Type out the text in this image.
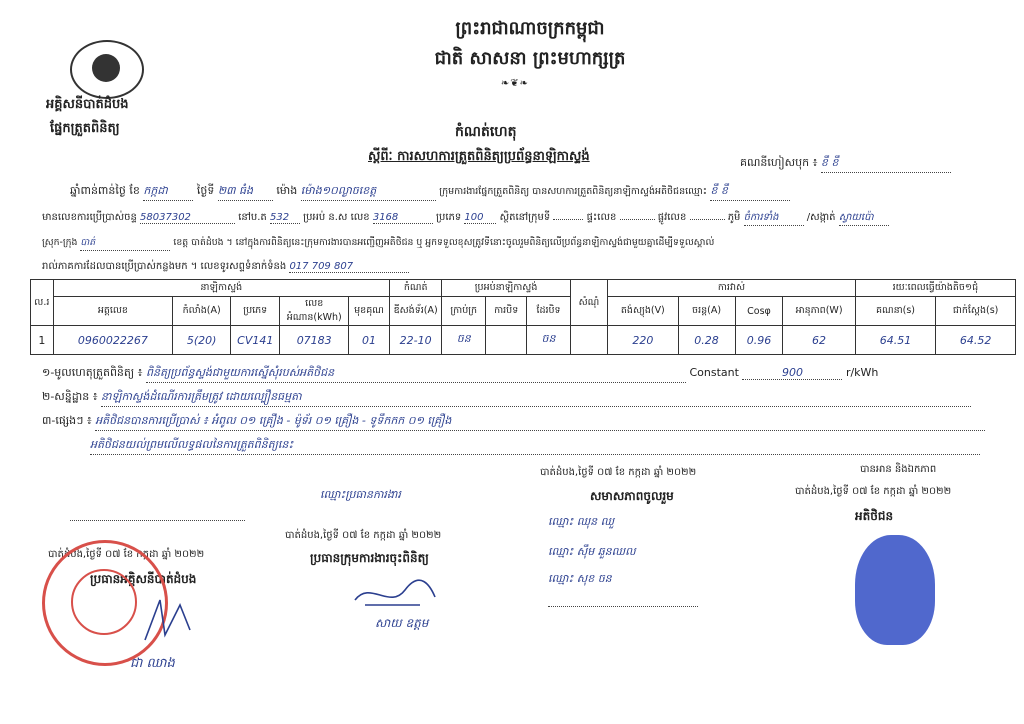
ព្រះរាជាណាចក្រកម្ពុជា
ជាតិ សាសនា ព្រះមហាក្សត្រ
❧❦❧
អគ្គិសនីបាត់ដំបង
ផ្នែកត្រួតពិនិត្យ	កំណត់ហេតុ
ស្តីពីៈ ការសហការត្រួតពិនិត្យប្រព័ន្ធនាឡិកាស្ទង់	គណនីហៀសបុក ៖ ខឹ ខឹ
ឆ្នាំពាន់ពាន់ថ្ងៃ ខែ កក្កដា	ថ្ងៃទី ២៣ ធំង ម៉ោង ម៉ោង១០ល្ងាចខេត្ត	ក្រុមការងារផ្នែកត្រួតពិនិត្យ បានសហការត្រួតពិនិត្យនាឡិកាស្ទង់អតិថិជនឈ្មោះ ខឹ ខឹ
មានលេខការប្រើប្រាស់ចន្ទ 58037302	នៅប.ត 532 ប្រអប់ ន.ស លេខ 3168	ប្រភេទ 100 ស្ថិតនៅក្រុមទី	ផ្ទះលេខ	ផ្លូវលេខ	ភូមិ ចំការទាំង	/សង្កាត់ ស្វាយប៉ោ
ស្រុក-ក្រុង បាត់	ខេត្ត បាត់ដំបង ។ នៅក្នុងការពិនិត្យនេះក្រុមការងារបានអញ្ជើញអតិថិជន ឬ អ្នកទទួលខុសត្រូវទីនោះចូលរួមពិនិត្យលើប្រព័ន្ធនាឡិកាស្ទង់ជាមួយគ្នាដើម្បីទទួលស្គាល់
រាល់ភាគការដែលបានប្រើប្រាស់កន្លងមក ។ លេខទូរសព្ទទំនាក់ទំនង 017 709 807
ល.រ	នាឡិកាស្ទង់					កំណត់	ប្រអប់នាឡិកាស្ទង់			សំណុំ	ការវាស់				រយៈពេលធ្វើយ៉ាងតិច១ជុំ	
	អត្តលេខ	កំលាំង(A)	ប្រភេទ	លេខអំណាន(kWh)	មុខគុណ	ឌីសង់ទ័រ(A)	ក្រាប់ក្រ	ការបិទ	ដែរបិទ		តង់ស្យុង(V)	ចរន្ត(A)	Cosφ	អានុភាព(W)	គណនា(s)	ជាក់ស្តែង(s)
1	0960022267	5(20)	CV141	07183	01	22-10	ចន		ចន		220	0.28	0.96	62	64.51	64.52
១-មូលហេតុត្រួតពិនិត្យ ៖ ពិនិត្យប្រព័ន្ធស្ទង់ជាមួយការស្នើសុំរបស់អតិថិជន	Constant	900	r/kWh
២-សន្និដ្ឋាន ៖ នាឡិកាស្ទង់ដំណើរការត្រឹមត្រូវ ដោយល្បឿនធម្មតា
៣-ផ្សេងៗ ៖ អតិថិជនបានការប្រើប្រាស់ ៖ អំពូល ០១ គ្រឿង - ម៉ូទ័រ ០១ គ្រឿង - ទូទឹកកក ០១ គ្រឿង
អតិថិជនយល់ព្រមលើលទ្ធផលនៃការត្រួតពិនិត្យនេះ
បាត់ដំបង,ថ្ងៃទី ០៧ ខែ កក្កដា ឆ្នាំ ២០២២
សមាសភាពចូលរួម
ឈ្មោះ ឈុន ឈួ
ឈ្មោះ ស៊ឹម ឆួនឈល
ឈ្មោះ សុខ ចន
បានអាន និងឯកភាព
បាត់ដំបង,ថ្ងៃទី ០៧ ខែ កក្កដា ឆ្នាំ ២០២២
អតិថិជន
ឈ្មោះប្រធានការងារ
បាត់ដំបង,ថ្ងៃទី ០៧ ខែ កក្កដា ឆ្នាំ ២០២២
ប្រធានក្រុមការងារចុះពិនិត្យ
សាយ ឧត្ដម
បាត់ដំបង,ថ្ងៃទី ០៧ ខែ កក្កដា ឆ្នាំ ២០២២
ប្រធានអគ្គិសនីបាត់ដំបង
ជា ឈាង
